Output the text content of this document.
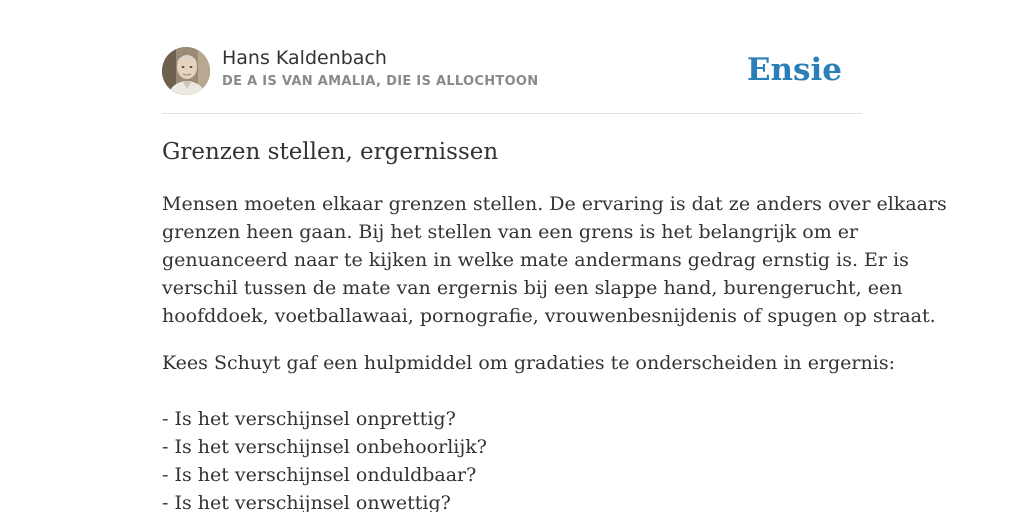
Hans Kaldenbach
DE A IS VAN AMALIA, DIE IS ALLOCHTOON	Ensie
Grenzen stellen, ergernissen

Mensen moeten elkaar grenzen stellen. De ervaring is dat ze anders over elkaars
grenzen heen gaan. Bij het stellen van een grens is het belangrijk om er
genuanceerd naar te kijken in welke mate andermans gedrag ernstig is. Er is
verschil tussen de mate van ergernis bij een slappe hand, burengerucht, een
hoofddoek, voetballawaai, pornografie, vrouwenbesnijdenis of spugen op straat.

Kees Schuyt gaf een hulpmiddel om gradaties te onderscheiden in ergernis:

- Is het verschijnsel onprettig?
- Is het verschijnsel onbehoorlijk?
- Is het verschijnsel onduldbaar?
- Is het verschijnsel onwettig?
